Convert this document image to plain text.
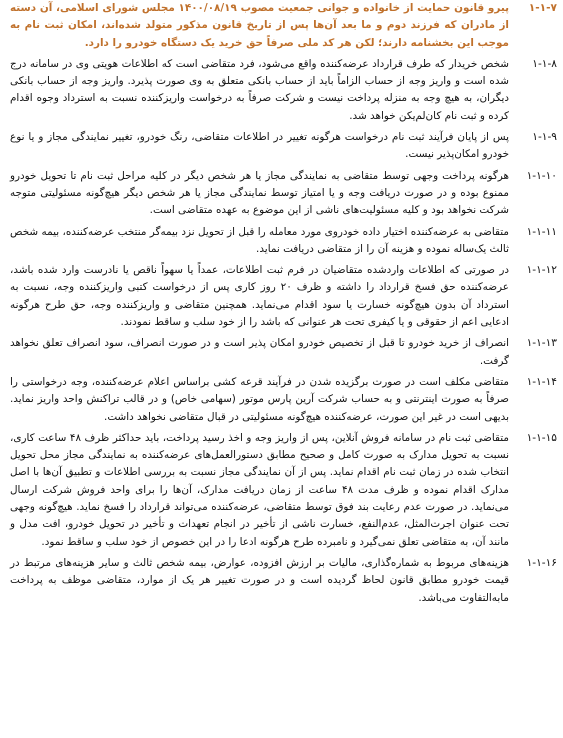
۱-۱-۷
پیرو قانون حمایت از خانواده و جوانی جمعیت مصوب ۱۴۰۰/۰۸/۱۹ مجلس شورای اسلامی، آن دسته از مادران که فرزند دوم و ما بعد آن‌ها پس از تاریخ قانون مذکور متولد شده‌اند، امکان ثبت نام به موجب این بخشنامه دارند؛ لکن هر کد ملی صرفاً حق خرید یک دستگاه خودرو را دارد.
۱-۱-۸
شخص خریدار که طرف قرارداد عرضه‌کننده واقع می‌شود، فرد متقاضی است که اطلاعات هویتی وی در سامانه درج شده است و واریز وجه از حساب الزاماً باید از حساب بانکی متعلق به وی صورت پذیرد. واریز وجه از حساب بانکی دیگران، به هیچ وجه به منزله پرداخت نیست و شرکت صرفاً به درخواست واریزکننده نسبت به استرداد وجوه اقدام کرده و ثبت نام کان‌لم‌یکن خواهد شد.
۱-۱-۹
پس از پایان فرآیند ثبت نام درخواست هرگونه تغییر در اطلاعات متقاضی، رنگ خودرو، تغییر نمایندگی مجاز و یا نوع خودرو امکان‌پذیر نیست.
۱-۱-۱۰
هرگونه پرداخت وجهی توسط متقاضی به نمایندگی مجاز یا هر شخص دیگر در کلیه مراحل ثبت نام تا تحویل خودرو ممنوع بوده و در صورت دریافت وجه و یا امتیاز توسط نمایندگی مجاز یا هر شخص دیگر هیچ‌گونه مسئولیتی متوجه شرکت نخواهد بود و کلیه مسئولیت‌های ناشی از این موضوع به عهده متقاضی است.
۱-۱-۱۱
متقاضی به عرضه‌کننده اختیار داده خودروی مورد معامله را قبل از تحویل نزد بیمه‌گر منتخب عرضه‌کننده، بیمه شخص ثالث یک‌ساله نموده و هزینه آن را از متقاضی دریافت نماید.
۱-۱-۱۲
در صورتی که اطلاعات واردشده متقاضیان در فرم ثبت اطلاعات، عمداً یا سهواً ناقص یا نادرست وارد شده باشد، عرضه‌کننده حق فسخ قرارداد را داشته و ظرف ۲۰ روز کاری پس از درخواست کتبی واریزکننده وجه، نسبت به استرداد آن بدون هیچ‌گونه خسارت یا سود اقدام می‌نماید. همچنین متقاضی و واریزکننده وجه، حق طرح هرگونه ادعایی اعم از حقوقی و یا کیفری تحت هر عنوانی که باشد را از خود سلب و ساقط نمودند.
۱-۱-۱۳
انصراف از خرید خودرو تا قبل از تخصیص خودرو امکان پذیر است و در صورت انصراف، سود انصراف تعلق نخواهد گرفت.
۱-۱-۱۴
متقاضی مکلف است در صورت برگزیده شدن در فرآیند قرعه کشی براساس اعلام عرضه‌کننده، وجه درخواستی را صرفاً به صورت اینترنتی و به حساب شرکت آرین پارس موتور (سهامی خاص) و در قالب تراکنش واحد واریز نماید. بدیهی است در غیر این صورت، عرضه‌کننده هیچ‌گونه مسئولیتی در قبال متقاضی نخواهد داشت.
۱-۱-۱۵
متقاضی ثبت نام در سامانه فروش آنلاین، پس از واریز وجه و اخذ رسید پرداخت، باید حداکثر ظرف ۴۸ ساعت کاری، نسبت به تحویل مدارک به صورت کامل و صحیح مطابق دستورالعمل‌های عرضه‌کننده به نمایندگی مجاز محل تحویل انتخاب شده در زمان ثبت نام اقدام نماید. پس از آن نمایندگی مجاز نسبت به بررسی اطلاعات و تطبیق آن‌ها با اصل مدارک اقدام نموده و ظرف مدت ۴۸ ساعت از زمان دریافت مدارک، آن‌ها را برای واحد فروش شرکت ارسال می‌نماید. در صورت عدم رعایت بند فوق توسط متقاضی، عرضه‌کننده می‌تواند قرارداد را فسخ نماید. هیچ‌گونه وجهی تحت عنوان اجرت‌المثل، عدم‌النفع، خسارت ناشی از تأخیر در انجام تعهدات و تأخیر در تحویل خودرو، افت مدل و مانند آن، به متقاضی تعلق نمی‌گیرد و نامبرده طرح هرگونه ادعا را در این خصوص از خود سلب و ساقط نمود.
۱-۱-۱۶
هزینه‌های مربوط به شماره‌گذاری، مالیات بر ارزش افزوده، عوارض، بیمه شخص ثالث و سایر هزینه‌های مرتبط در قیمت خودرو مطابق قانون لحاظ گردیده است و در صورت تغییر هر یک از موارد، متقاضی موظف به پرداخت مابه‌التفاوت می‌باشد.
